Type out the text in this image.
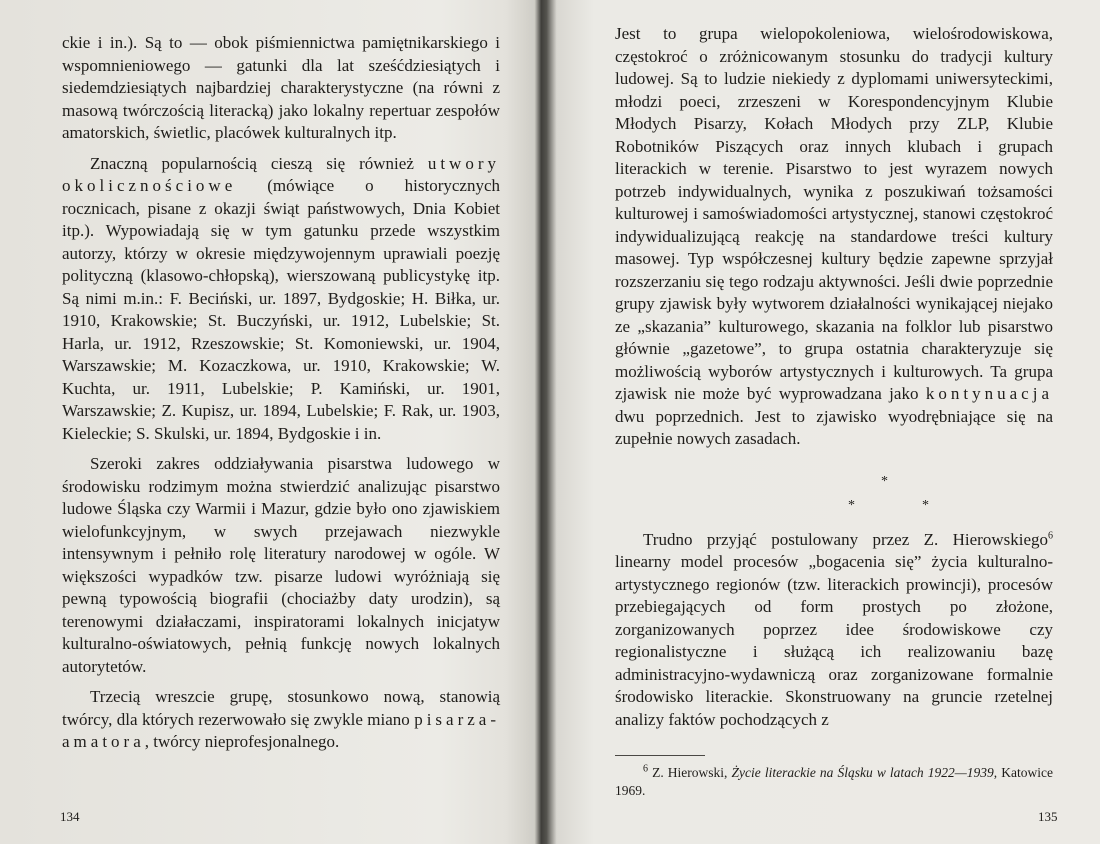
ckie i in.). Są to — obok piśmiennictwa pamiętnikarskiego i wspomnieniowego — gatunki dla lat sześćdziesiątych i siedemdziesiątych najbardziej charakterystyczne (na równi z masową twórczością literacką) jako lokalny repertuar zespołów amatorskich, świetlic, placówek kulturalnych itp.

Znaczną popularnością cieszą się również utwory okolicznościowe (mówiące o historycznych rocznicach, pisane z okazji świąt państwowych, Dnia Kobiet itp.). Wypowiadają się w tym gatunku przede wszystkim autorzy, którzy w okresie międzywojennym uprawiali poezję polityczną (klasowo-chłopską), wierszowaną publicystykę itp. Są nimi m.in.: F. Beciński, ur. 1897, Bydgoskie; H. Biłka, ur. 1910, Krakowskie; St. Buczyński, ur. 1912, Lubelskie; St. Harla, ur. 1912, Rzeszowskie; St. Komoniewski, ur. 1904, Warszawskie; M. Kozaczkowa, ur. 1910, Krakowskie; W. Kuchta, ur. 1911, Lubelskie; P. Kamiński, ur. 1901, Warszawskie; Z. Kupisz, ur. 1894, Lubelskie; F. Rak, ur. 1903, Kieleckie; S. Skulski, ur. 1894, Bydgoskie i in.

Szeroki zakres oddziaływania pisarstwa ludowego w środowisku rodzimym można stwierdzić analizując pisarstwo ludowe Śląska czy Warmii i Mazur, gdzie było ono zjawiskiem wielofunkcyjnym, w swych przejawach niezwykle intensywnym i pełniło rolę literatury narodowej w ogóle. W większości wypadków tzw. pisarze ludowi wyróżniają się pewną typowością biografii (chociażby daty urodzin), są terenowymi działaczami, inspiratorami lokalnych inicjatyw kulturalno-oświatowych, pełnią funkcję nowych lokalnych autorytetów.

Trzecią wreszcie grupę, stosunkowo nową, stanowią twórcy, dla których rezerwowało się zwykle miano pisarza-amatora, twórcy nieprofesjonalnego.

134

Jest to grupa wielopokoleniowa, wielośrodowiskowa, częstokroć o zróżnicowanym stosunku do tradycji kultury ludowej. Są to ludzie niekiedy z dyplomami uniwersyteckimi, młodzi poeci, zrzeszeni w Korespondencyjnym Klubie Młodych Pisarzy, Kołach Młodych przy ZLP, Klubie Robotników Piszących oraz innych klubach i grupach literackich w terenie. Pisarstwo to jest wyrazem nowych potrzeb indywidualnych, wynika z poszukiwań tożsamości kulturowej i samoświadomości artystycznej, stanowi częstokroć indywidualizującą reakcję na standardowe treści kultury masowej. Typ współczesnej kultury będzie zapewne sprzyjał rozszerzaniu się tego rodzaju aktywności. Jeśli dwie poprzednie grupy zjawisk były wytworem działalności wynikającej niejako ze „skazania” kulturowego, skazania na folklor lub pisarstwo głównie „gazetowe”, to grupa ostatnia charakteryzuje się możliwością wyborów artystycznych i kulturowych. Ta grupa zjawisk nie może być wyprowadzana jako kontynuacja dwu poprzednich. Jest to zjawisko wyodrębniające się na zupełnie nowych zasadach.

*
*	*

Trudno przyjąć postulowany przez Z. Hierowskiego$^6$ linearny model procesów „bogacenia się” życia kulturalno-artystycznego regionów (tzw. literackich prowincji), procesów przebiegających od form prostych po złożone, zorganizowanych poprzez idee środowiskowe czy regionalistyczne i służącą ich realizowaniu bazę administracyjno-wydawniczą oraz zorganizowane formalnie środowisko literackie. Skonstruowany na gruncie rzetelnej analizy faktów pochodzących z

$^6$ Z. Hierowski, Życie literackie na Śląsku w latach 1922—1939, Katowice 1969.
135
